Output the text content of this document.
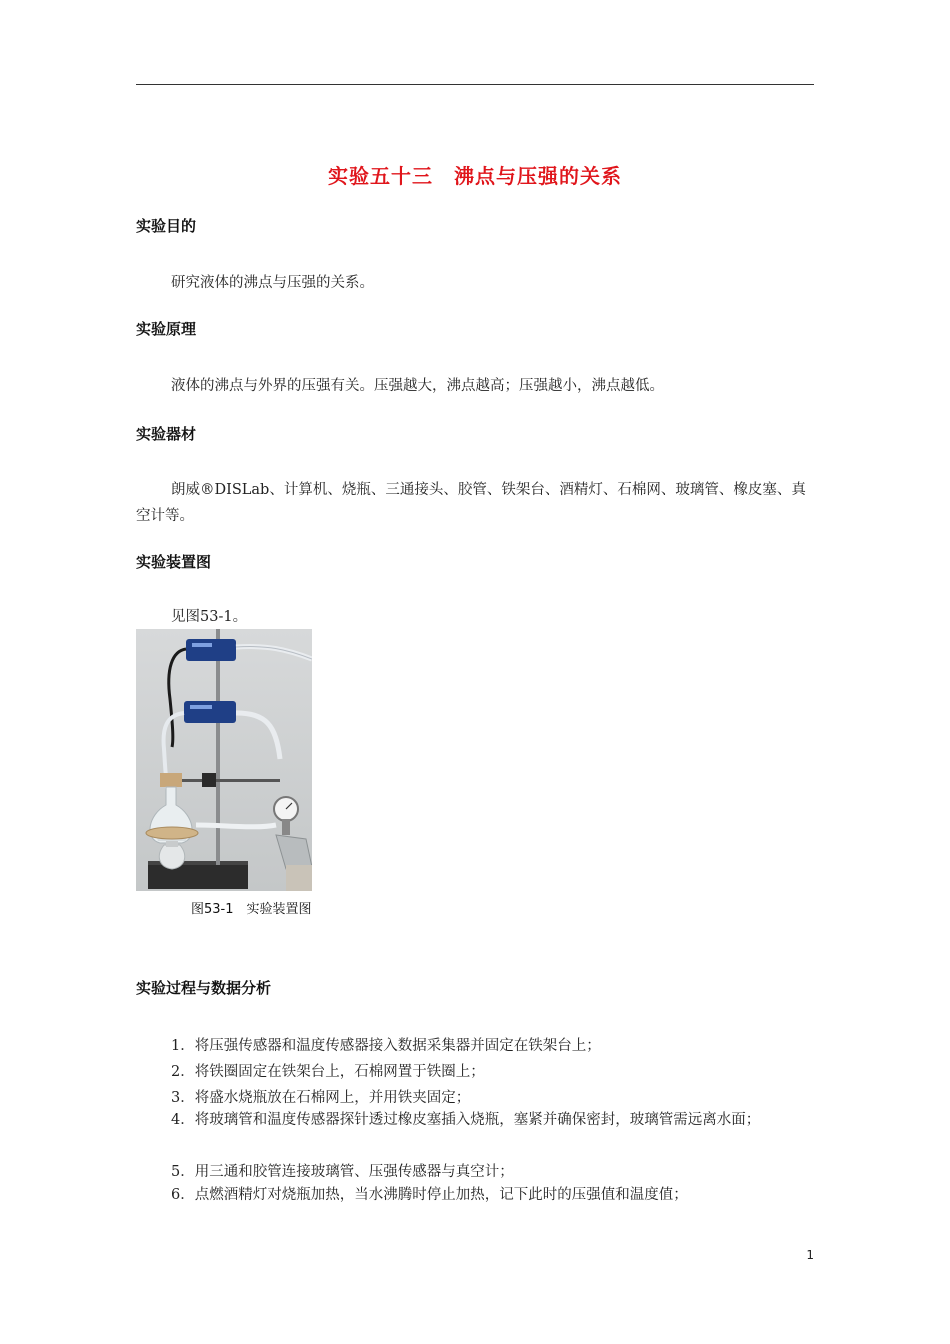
实验五十三　沸点与压强的关系
实验目的
研究液体的沸点与压强的关系。
实验原理
液体的沸点与外界的压强有关。压强越大，沸点越高；压强越小，沸点越低。
实验器材
朗威®DISLab、计算机、烧瓶、三通接头、胶管、铁架台、酒精灯、石棉网、玻璃管、橡皮塞、真空计等。
实验装置图
见图53-1。
图53-1　实验装置图
实验过程与数据分析
1．将压强传感器和温度传感器接入数据采集器并固定在铁架台上；
2．将铁圈固定在铁架台上，石棉网置于铁圈上；
3．将盛水烧瓶放在石棉网上，并用铁夹固定；
4．将玻璃管和温度传感器探针透过橡皮塞插入烧瓶，塞紧并确保密封，玻璃管需远离水面；
5．用三通和胶管连接玻璃管、压强传感器与真空计；
6．点燃酒精灯对烧瓶加热，当水沸腾时停止加热，记下此时的压强值和温度值；
1
